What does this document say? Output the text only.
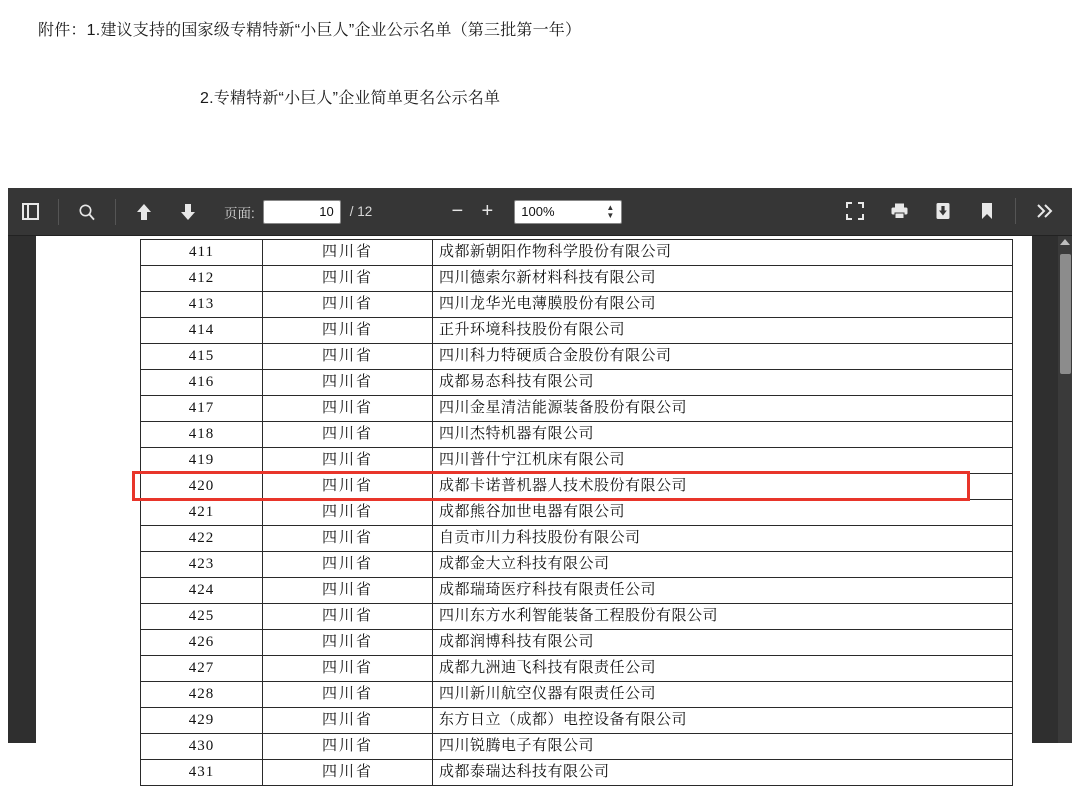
附件：1.建议支持的国家级专精特新“小巨人”企业公示名单（第三批第一年）
2.专精特新“小巨人”企业简单更名公示名单
页面:
10	/ 12	− +	100%	▲
▼
411	四川省	成都新朝阳作物科学股份有限公司
412	四川省	四川德索尔新材料科技有限公司
413	四川省	四川龙华光电薄膜股份有限公司
414	四川省	正升环境科技股份有限公司
415	四川省	四川科力特硬质合金股份有限公司
416	四川省	成都易态科技有限公司
417	四川省	四川金星清洁能源装备股份有限公司
418	四川省	四川杰特机器有限公司
419	四川省	四川普什宁江机床有限公司
420	四川省	成都卡诺普机器人技术股份有限公司
421	四川省	成都熊谷加世电器有限公司
422	四川省	自贡市川力科技股份有限公司
423	四川省	成都金大立科技有限公司
424	四川省	成都瑞琦医疗科技有限责任公司
425	四川省	四川东方水利智能装备工程股份有限公司
426	四川省	成都润博科技有限公司
427	四川省	成都九洲迪飞科技有限责任公司
428	四川省	四川新川航空仪器有限责任公司
429	四川省	东方日立（成都）电控设备有限公司
430	四川省	四川锐腾电子有限公司
431	四川省	成都泰瑞达科技有限公司
